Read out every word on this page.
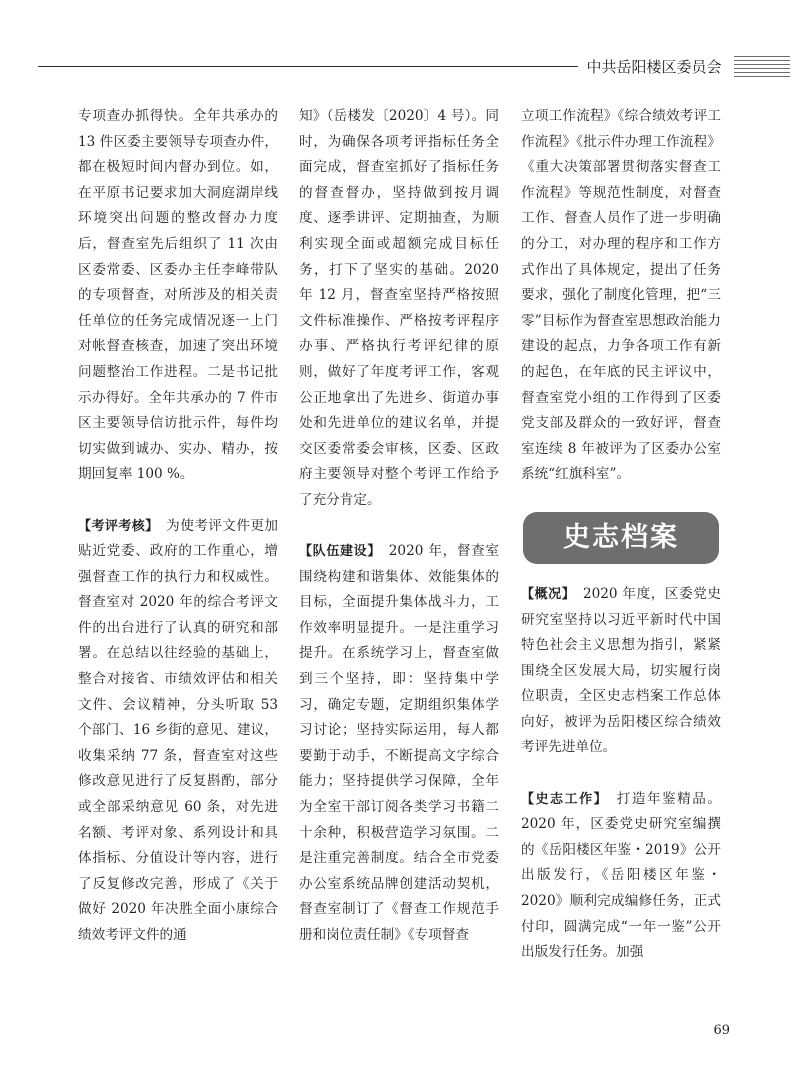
中共岳阳楼区委员会

专项查办抓得快。全年共承办的 13 件区委主要领导专项查办件，都在极短时间内督办到位。如，在平原书记要求加大洞庭湖岸线环境突出问题的整改督办力度后，督查室先后组织了 11 次由区委常委、区委办主任李峰带队的专项督查，对所涉及的相关责任单位的任务完成情况逐一上门对帐督查核查，加速了突出环境问题整治工作进程。二是书记批示办得好。全年共承办的 7 件市区主要领导信访批示件，每件均切实做到诚办、实办、精办，按期回复率 100 %。

【考评考核】　为使考评文件更加贴近党委、政府的工作重心，增强督查工作的执行力和权威性。督查室对 2020 年的综合考评文件的出台进行了认真的研究和部署。在总结以往经验的基础上，整合对接省、市绩效评估和相关文件、会议精神，分头听取 53 个部门、16 乡街的意见、建议，收集采纳 77 条，督查室对这些修改意见进行了反复斟酌，部分或全部采纳意见 60 条，对先进名额、考评对象、系列设计和具体指标、分值设计等内容，进行了反复修改完善，形成了《关于做好 2020 年决胜全面小康综合绩效考评文件的通

知》（岳楼发〔2020〕4 号）。同时，为确保各项考评指标任务全面完成，督查室抓好了指标任务的督查督办，坚持做到按月调度、逐季讲评、定期抽查，为顺利实现全面或超额完成目标任务，打下了坚实的基础。2020 年 12 月，督查室坚持严格按照文件标准操作、严格按考评程序办事、严格执行考评纪律的原则，做好了年度考评工作，客观公正地拿出了先进乡、街道办事处和先进单位的建议名单，并提交区委常委会审核，区委、区政府主要领导对整个考评工作给予了充分肯定。

【队伍建设】　2020 年，督查室围绕构建和谐集体、效能集体的目标，全面提升集体战斗力，工作效率明显提升。一是注重学习提升。在系统学习上，督查室做到三个坚持，即：坚持集中学习，确定专题，定期组织集体学习讨论；坚持实际运用，每人都要勤于动手，不断提高文字综合能力；坚持提供学习保障，全年为全室干部订阅各类学习书籍二十余种，积极营造学习氛围。二是注重完善制度。结合全市党委办公室系统品牌创建活动契机，督查室制订了《督查工作规范手册和岗位责任制》《专项督查

立项工作流程》《综合绩效考评工作流程》《批示件办理工作流程》《重大决策部署贯彻落实督查工作流程》等规范性制度，对督查工作、督查人员作了进一步明确的分工，对办理的程序和工作方式作出了具体规定，提出了任务要求，强化了制度化管理，把“三零”目标作为督查室思想政治能力建设的起点，力争各项工作有新的起色，在年底的民主评议中，督查室党小组的工作得到了区委党支部及群众的一致好评，督查室连续 8 年被评为了区委办公室系统“红旗科室”。

史志档案

【概况】　2020 年度，区委党史研究室坚持以习近平新时代中国特色社会主义思想为指引，紧紧围绕全区发展大局，切实履行岗位职责，全区史志档案工作总体向好，被评为岳阳楼区综合绩效考评先进单位。

【史志工作】　打造年鉴精品。2020 年，区委党史研究室编撰的《岳阳楼区年鉴・2019》公开出版发行，《岳阳楼区年鉴・2020》顺利完成编修任务，正式付印，圆满完成“一年一鉴”公开出版发行任务。加强

69
